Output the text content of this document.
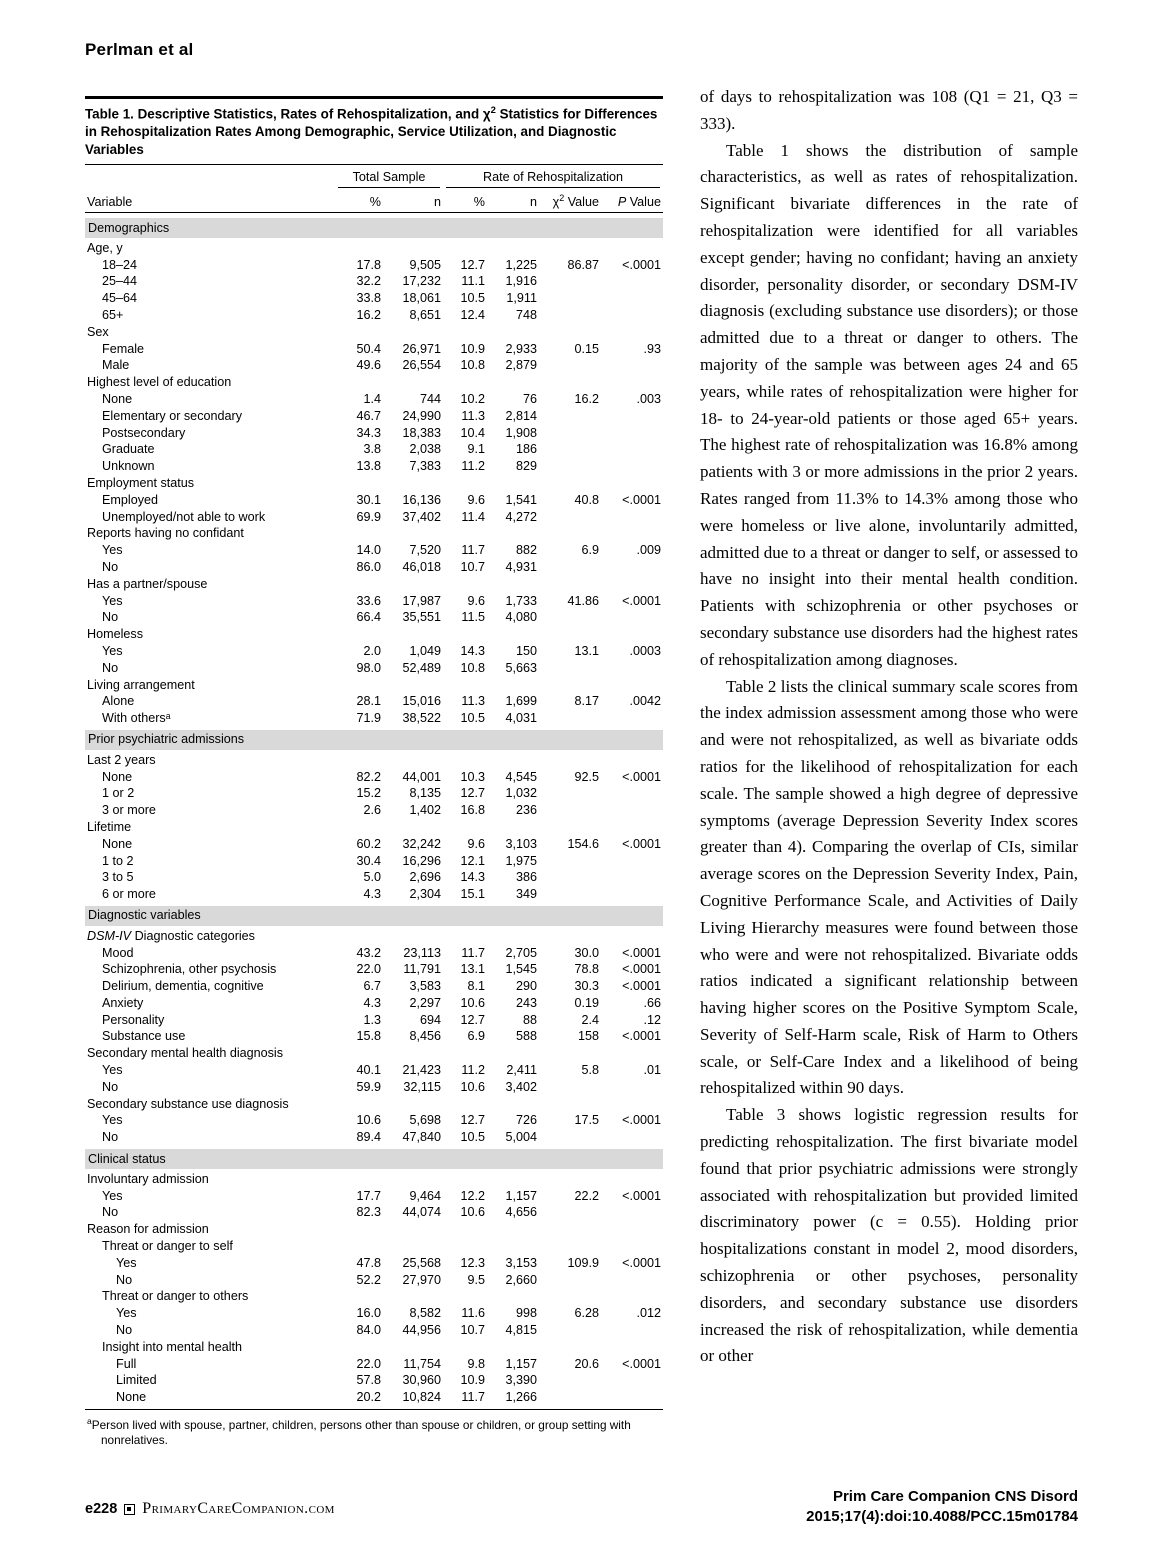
Perlman et al
Table 1. Descriptive Statistics, Rates of Rehospitalization, and $\chi^2$ Statistics for Differences in Rehospitalization Rates Among Demographic, Service Utilization, and Diagnostic Variables
Total Sample	Rate of Rehospitalization
Variable	%	n	%	n	$\chi^2$ Value	P Value
Demographics
Age, y
18–24	17.8	9,505	12.7	1,225	86.87	<.0001
25–44	32.2	17,232	11.1	1,916
45–64	33.8	18,061	10.5	1,911
65+	16.2	8,651	12.4	748
Sex
Female	50.4	26,971	10.9	2,933	0.15	.93
Male	49.6	26,554	10.8	2,879
Highest level of education
None	1.4	744	10.2	76	16.2	.003
Elementary or secondary	46.7	24,990	11.3	2,814
Postsecondary	34.3	18,383	10.4	1,908
Graduate	3.8	2,038	9.1	186
Unknown	13.8	7,383	11.2	829
Employment status
Employed	30.1	16,136	9.6	1,541	40.8	<.0001
Unemployed/not able to work	69.9	37,402	11.4	4,272
Reports having no confidant
Yes	14.0	7,520	11.7	882	6.9	.009
No	86.0	46,018	10.7	4,931
Has a partner/spouse
Yes	33.6	17,987	9.6	1,733	41.86	<.0001
No	66.4	35,551	11.5	4,080
Homeless
Yes	2.0	1,049	14.3	150	13.1	.0003
No	98.0	52,489	10.8	5,663
Living arrangement
Alone	28.1	15,016	11.3	1,699	8.17	.0042
With othersᵃ	71.9	38,522	10.5	4,031
Prior psychiatric admissions
Last 2 years
None	82.2	44,001	10.3	4,545	92.5	<.0001
1 or 2	15.2	8,135	12.7	1,032
3 or more	2.6	1,402	16.8	236
Lifetime
None	60.2	32,242	9.6	3,103	154.6	<.0001
1 to 2	30.4	16,296	12.1	1,975
3 to 5	5.0	2,696	14.3	386
6 or more	4.3	2,304	15.1	349
Diagnostic variables
DSM-IV Diagnostic categories
Mood	43.2	23,113	11.7	2,705	30.0	<.0001
Schizophrenia, other psychosis	22.0	11,791	13.1	1,545	78.8	<.0001
Delirium, dementia, cognitive	6.7	3,583	8.1	290	30.3	<.0001
Anxiety	4.3	2,297	10.6	243	0.19	.66
Personality	1.3	694	12.7	88	2.4	.12
Substance use	15.8	8,456	6.9	588	158	<.0001
Secondary mental health diagnosis
Yes	40.1	21,423	11.2	2,411	5.8	.01
No	59.9	32,115	10.6	3,402
Secondary substance use diagnosis
Yes	10.6	5,698	12.7	726	17.5	<.0001
No	89.4	47,840	10.5	5,004
Clinical status
Involuntary admission
Yes	17.7	9,464	12.2	1,157	22.2	<.0001
No	82.3	44,074	10.6	4,656
Reason for admission
Threat or danger to self
Yes	47.8	25,568	12.3	3,153	109.9	<.0001
No	52.2	27,970	9.5	2,660
Threat or danger to others
Yes	16.0	8,582	11.6	998	6.28	.012
No	84.0	44,956	10.7	4,815
Insight into mental health
Full	22.0	11,754	9.8	1,157	20.6	<.0001
Limited	57.8	30,960	10.9	3,390
None	20.2	10,824	11.7	1,266
$^a$Person lived with spouse, partner, children, persons other than spouse or children, or group setting with nonrelatives.

of days to rehospitalization was 108 (Q1 = 21, Q3 = 333).

Table 1 shows the distribution of sample characteristics, as well as rates of rehospitalization. Significant bivariate differences in the rate of rehospitalization were identified for all variables except gender; having no confidant; having an anxiety disorder, personality disorder, or secondary DSM-IV diagnosis (excluding substance use disorders); or those admitted due to a threat or danger to others. The majority of the sample was between ages 24 and 65 years, while rates of rehospitalization were higher for 18- to 24-year-old patients or those aged 65+ years. The highest rate of rehospitalization was 16.8% among patients with 3 or more admissions in the prior 2 years. Rates ranged from 11.3% to 14.3% among those who were homeless or live alone, involuntarily admitted, admitted due to a threat or danger to self, or assessed to have no insight into their mental health condition. Patients with schizophrenia or other psychoses or secondary substance use disorders had the highest rates of rehospitalization among diagnoses.

Table 2 lists the clinical summary scale scores from the index admission assessment among those who were and were not rehospitalized, as well as bivariate odds ratios for the likelihood of rehospitalization for each scale. The sample showed a high degree of depressive symptoms (average Depression Severity Index scores greater than 4). Comparing the overlap of CIs, similar average scores on the Depression Severity Index, Pain, Cognitive Performance Scale, and Activities of Daily Living Hierarchy measures were found between those who were and were not rehospitalized. Bivariate odds ratios indicated a significant relationship between having higher scores on the Positive Symptom Scale, Severity of Self-Harm scale, Risk of Harm to Others scale, or Self-Care Index and a likelihood of being rehospitalized within 90 days.

Table 3 shows logistic regression results for predicting rehospitalization. The first bivariate model found that prior psychiatric admissions were strongly associated with rehospitalization but provided limited discriminatory power (c = 0.55). Holding prior hospitalizations constant in model 2, mood disorders, schizophrenia or other psychoses, personality disorders, and secondary substance use disorders increased the risk of rehospitalization, while dementia or other

e228 PrimaryCareCompanion.com
Prim Care Companion CNS Disord
2015;17(4):doi:10.4088/PCC.15m01784
